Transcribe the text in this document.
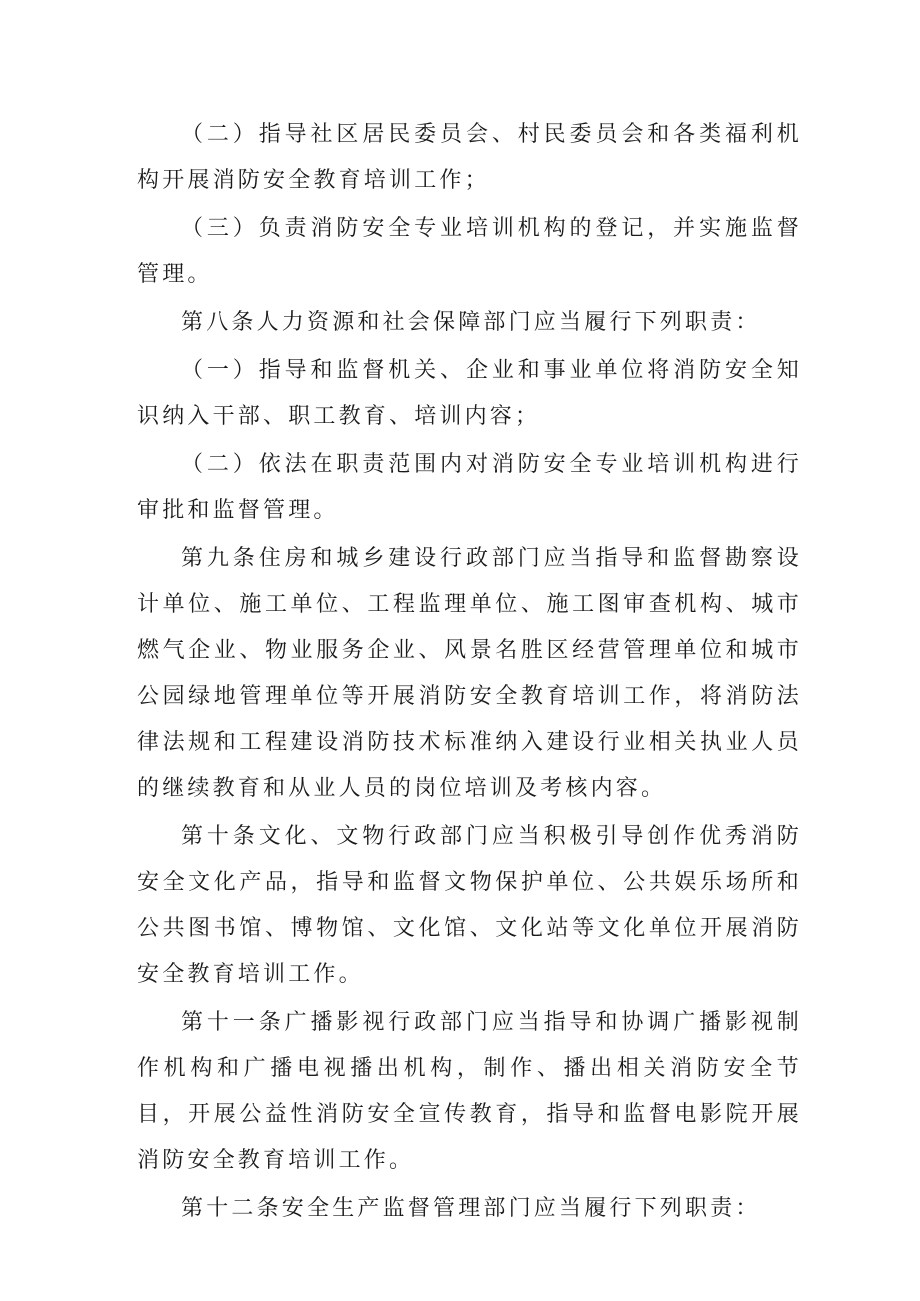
（二）指导社区居民委员会、村民委员会和各类福利机构开展消防安全教育培训工作；

（三）负责消防安全专业培训机构的登记，并实施监督管理。

第八条人力资源和社会保障部门应当履行下列职责：

（一）指导和监督机关、企业和事业单位将消防安全知识纳入干部、职工教育、培训内容；

（二）依法在职责范围内对消防安全专业培训机构进行审批和监督管理。

第九条住房和城乡建设行政部门应当指导和监督勘察设计单位、施工单位、工程监理单位、施工图审查机构、城市燃气企业、物业服务企业、风景名胜区经营管理单位和城市公园绿地管理单位等开展消防安全教育培训工作，将消防法律法规和工程建设消防技术标准纳入建设行业相关执业人员的继续教育和从业人员的岗位培训及考核内容。

第十条文化、文物行政部门应当积极引导创作优秀消防安全文化产品，指导和监督文物保护单位、公共娱乐场所和公共图书馆、博物馆、文化馆、文化站等文化单位开展消防安全教育培训工作。

第十一条广播影视行政部门应当指导和协调广播影视制作机构和广播电视播出机构，制作、播出相关消防安全节目，开展公益性消防安全宣传教育，指导和监督电影院开展消防安全教育培训工作。

第十二条安全生产监督管理部门应当履行下列职责：
